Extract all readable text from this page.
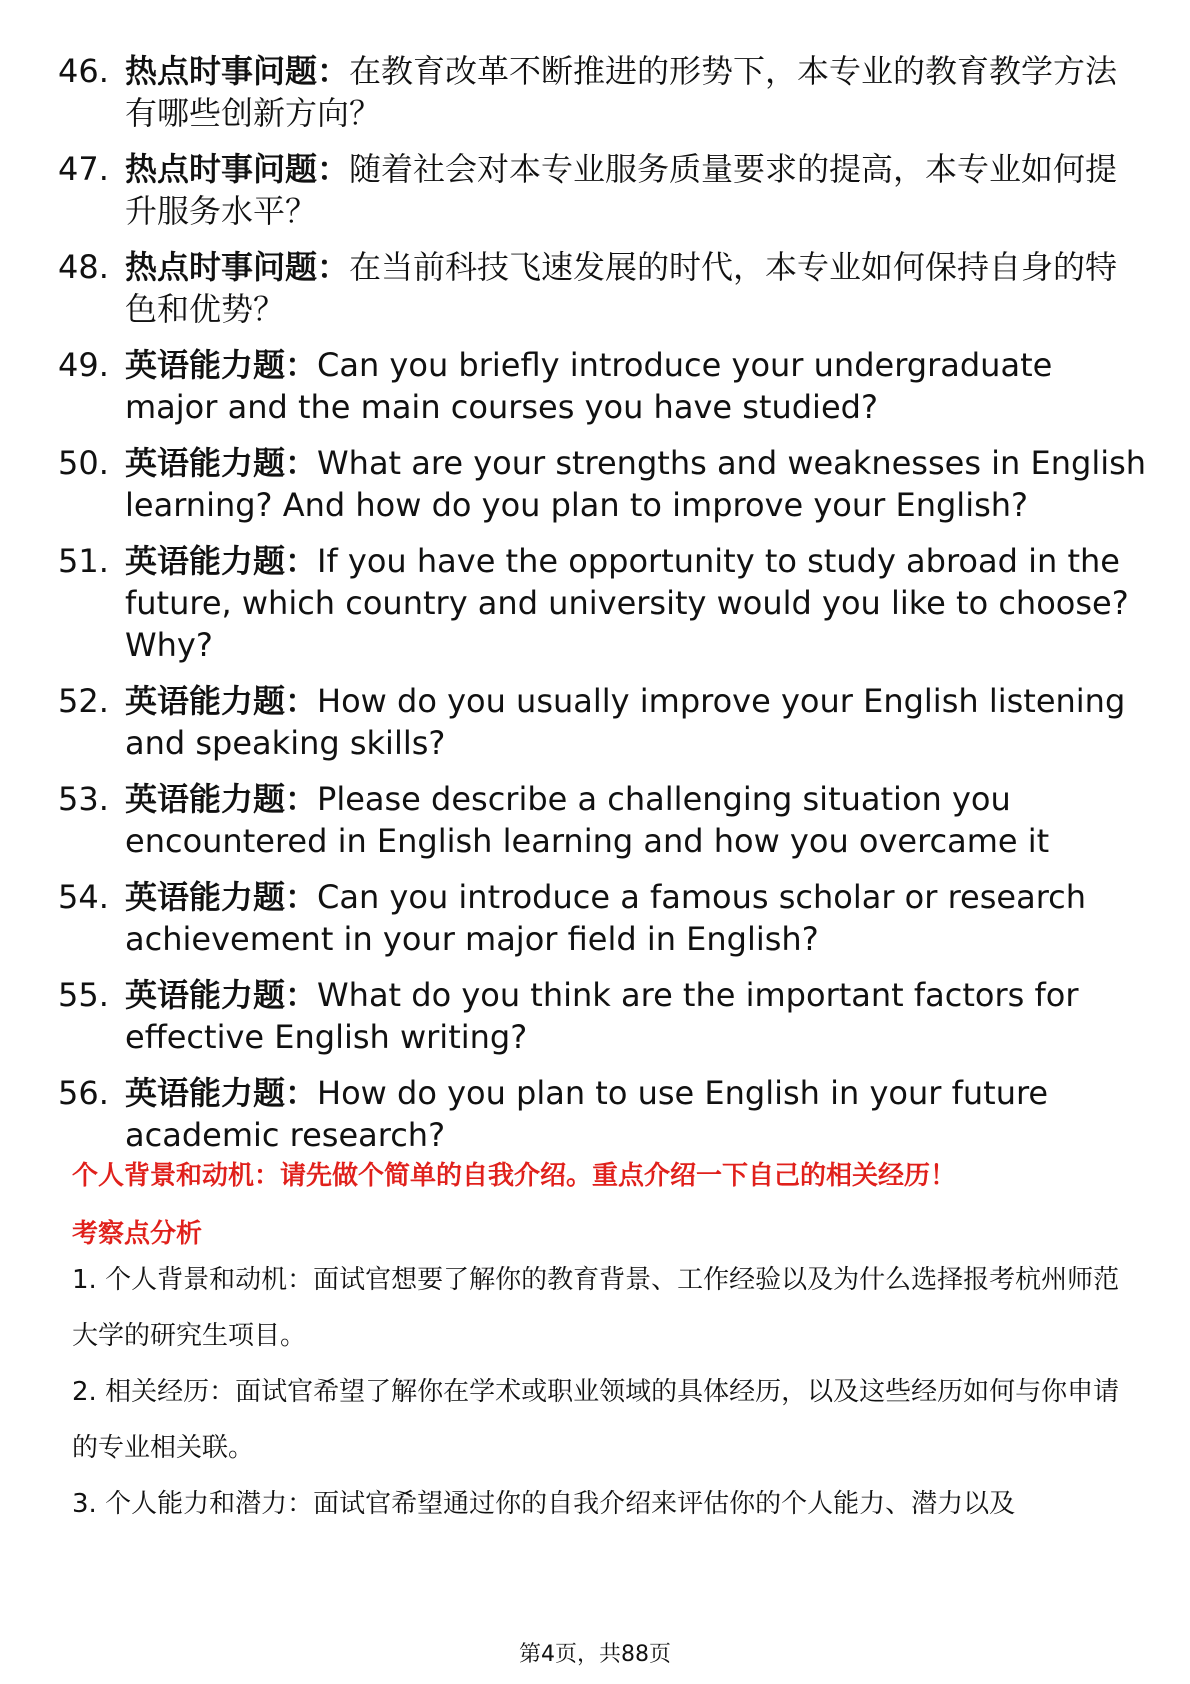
46. 热点时事问题：在教育改革不断推进的形势下，本专业的教育教学方法有哪些创新方向？
47. 热点时事问题：随着社会对本专业服务质量要求的提高，本专业如何提升服务水平？
48. 热点时事问题：在当前科技飞速发展的时代，本专业如何保持自身的特色和优势？
49. 英语能力题：Can you briefly introduce your undergraduate major and the main courses you have studied?
50. 英语能力题：What are your strengths and weaknesses in English learning? And how do you plan to improve your English?
51. 英语能力题：If you have the opportunity to study abroad in the future, which country and university would you like to choose? Why?
52. 英语能力题：How do you usually improve your English listening and speaking skills?
53. 英语能力题：Please describe a challenging situation you encountered in English learning and how you overcame it
54. 英语能力题：Can you introduce a famous scholar or research achievement in your major field in English?
55. 英语能力题：What do you think are the important factors for effective English writing?
56. 英语能力题：How do you plan to use English in your future academic research?
个人背景和动机：请先做个简单的自我介绍。重点介绍一下自己的相关经历！
考察点分析
1. 个人背景和动机：面试官想要了解你的教育背景、工作经验以及为什么选择报考杭州师范大学的研究生项目。
2. 相关经历：面试官希望了解你在学术或职业领域的具体经历，以及这些经历如何与你申请的专业相关联。
3. 个人能力和潜力：面试官希望通过你的自我介绍来评估你的个人能力、潜力以及
第4页，共88页
